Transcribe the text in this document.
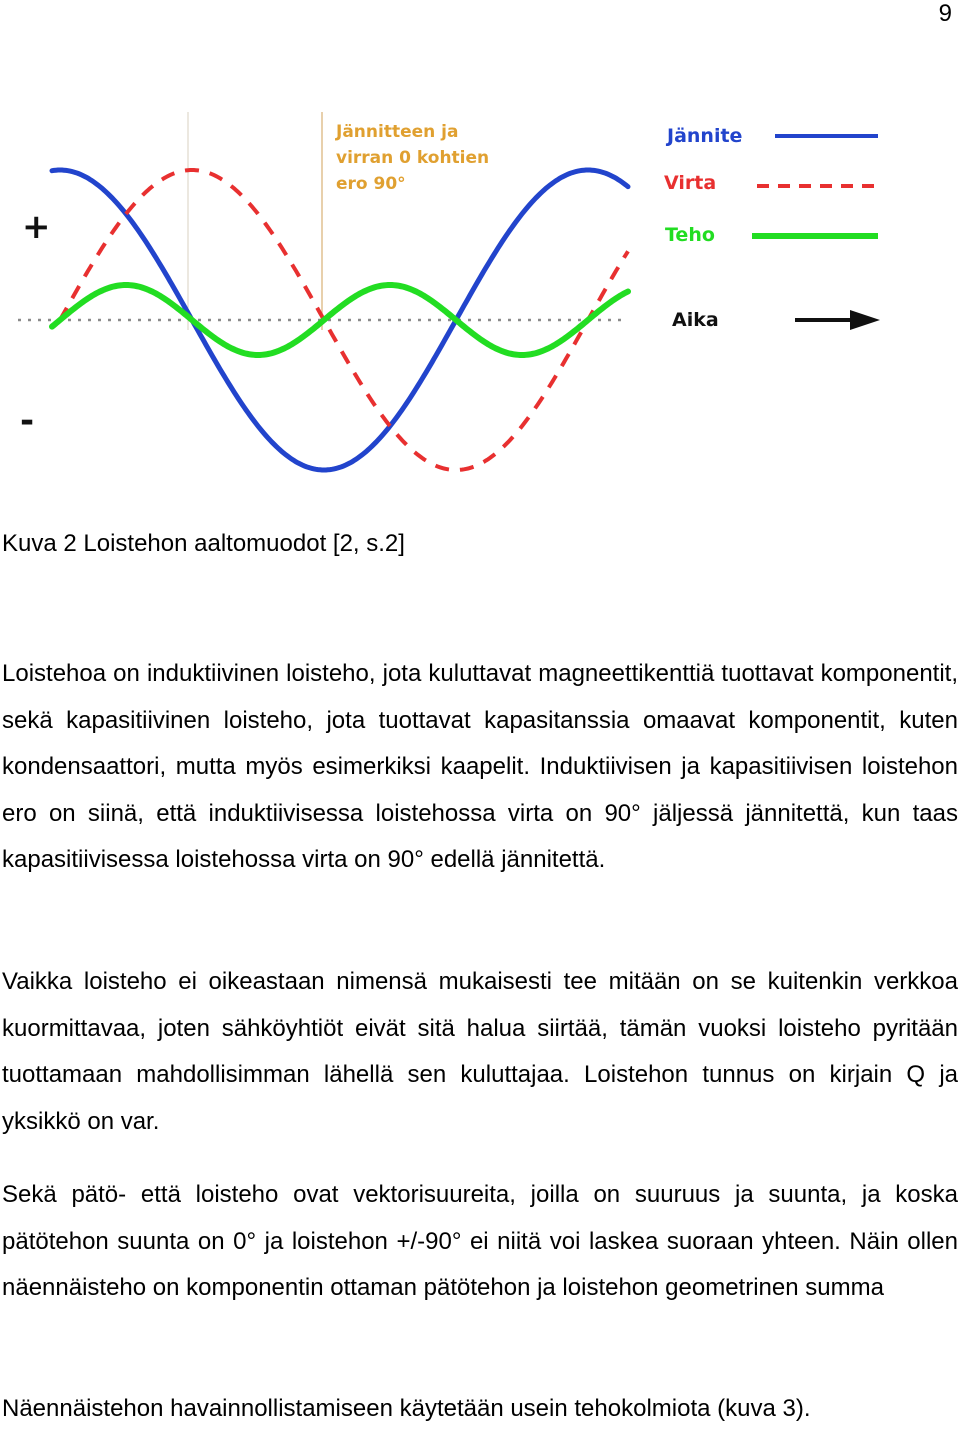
9
+
-
Jännitteen ja
virran 0 kohtien
ero 90°
Jännite
Virta
Teho
Aika
Kuva 2 Loistehon aaltomuodot [2, s.2]

Loistehoa on induktiivinen loisteho, jota kuluttavat magneettikenttiä tuottavat komponentit, sekä kapasitiivinen loisteho, jota tuottavat kapasitanssia omaavat komponentit, kuten kondensaattori, mutta myös esimerkiksi kaapelit. Induktiivisen ja kapasitiivisen loistehon ero on siinä, että induktiivisessa loistehossa virta on 90° jäljessä jännitettä, kun taas kapasitiivisessa loistehossa virta on 90° edellä jännitettä.

Vaikka loisteho ei oikeastaan nimensä mukaisesti tee mitään on se kuitenkin verkkoa kuormittavaa, joten sähköyhtiöt eivät sitä halua siirtää, tämän vuoksi loisteho pyritään tuottamaan mahdollisimman lähellä sen kuluttajaa. Loistehon tunnus on kirjain Q ja yksikkö on var.

Sekä pätö- että loisteho ovat vektorisuureita, joilla on suuruus ja suunta, ja koska pätötehon suunta on 0° ja loistehon +/-90° ei niitä voi laskea suoraan yhteen. Näin ollen näennäisteho on komponentin ottaman pätötehon ja loistehon geometrinen summa

Näennäistehon havainnollistamiseen käytetään usein tehokolmiota (kuva 3).
